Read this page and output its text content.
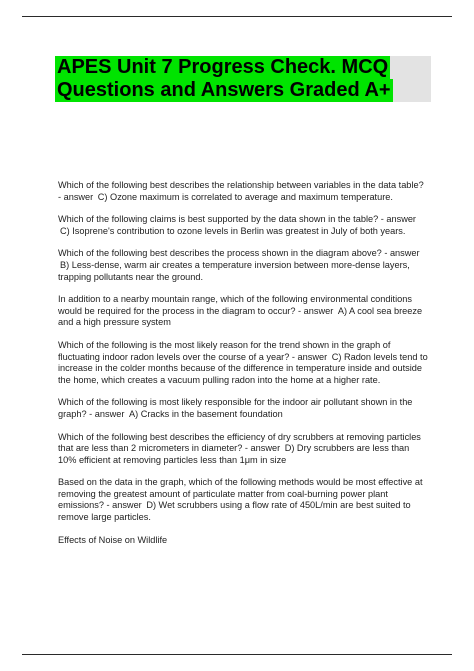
APES Unit 7 Progress Check. MCQ
Questions and Answers Graded A+

Which of the following best describes the relationship between variables in the data table? - answer C) Ozone maximum is correlated to average and maximum temperature.

Which of the following claims is best supported by the data shown in the table? - answer C) Isoprene's contribution to ozone levels in Berlin was greatest in July of both years.

Which of the following best describes the process shown in the diagram above? - answer B) Less-dense, warm air creates a temperature inversion between more-dense layers, trapping pollutants near the ground.

In addition to a nearby mountain range, which of the following environmental conditions would be required for the process in the diagram to occur? - answer A) A cool sea breeze and a high pressure system

Which of the following is the most likely reason for the trend shown in the graph of fluctuating indoor radon levels over the course of a year? - answer C) Radon levels tend to increase in the colder months because of the difference in temperature inside and outside the home, which creates a vacuum pulling radon into the home at a higher rate.

Which of the following is most likely responsible for the indoor air pollutant shown in the graph? - answer A) Cracks in the basement foundation

Which of the following best describes the efficiency of dry scrubbers at removing particles that are less than 2 micrometers in diameter? - answer D) Dry scrubbers are less than 10% efficient at removing particles less than 1μm in size

Based on the data in the graph, which of the following methods would be most effective at removing the greatest amount of particulate matter from coal-burning power plant emissions? - answer D) Wet scrubbers using a flow rate of 450L/min are best suited to remove large particles.

Effects of Noise on Wildlife
